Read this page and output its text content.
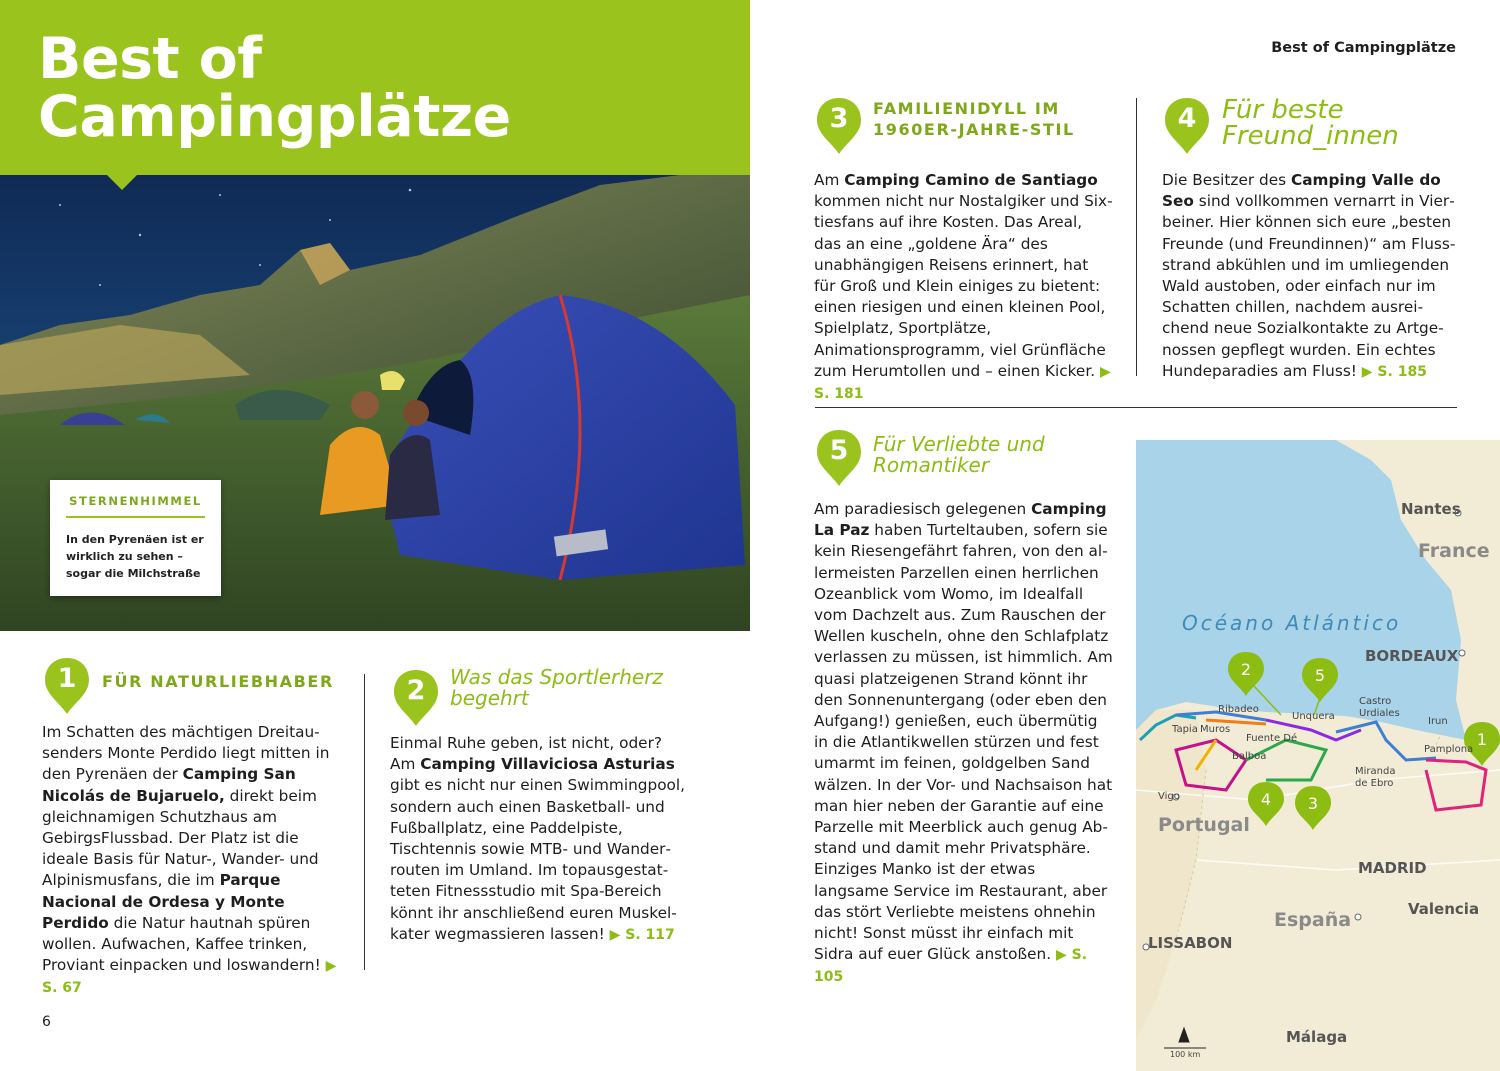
Best of
Campingplätze
STERNENHIMMEL
In den Pyrenäen ist er wirklich zu sehen – sogar die Milchstraße
1	FÜR NATURLIEBHABER
Im Schatten des mächtigen Dreitausenders Monte Perdido liegt mitten in den Pyrenäen der Camping San Nicolás de Bujaruelo, direkt beim gleichnamigen Schutzhaus am GebirgsFlussbad. Der Platz ist die ideale Basis für Natur-, Wander- und Alpinismusfans, die im Parque Nacional de Ordesa y Monte Perdido die Natur hautnah spüren wollen. Aufwachen, Kaffee trinken, Proviant einpacken und loswandern! ▶ S. 67
2	Was das Sportlerherz
begehrt
Einmal Ruhe geben, ist nicht, oder? Am Camping Villaviciosa Asturias gibt es nicht nur einen Swimmingpool, sondern auch einen Basketball- und Fußballplatz, eine Paddelpiste, Tischtennis sowie MTB- und Wanderrouten im Umland. Im topausgestatteten Fitnessstudio mit Spa-Bereich könnt ihr anschließend euren Muskelkater wegmassieren lassen! ▶ S. 117
6
Best of Campingplätze
3	FAMILIENIDYLL IM
1960ER-JAHRE-STIL
Am Camping Camino de Santiago kommen nicht nur Nostalgiker und Sixtiesfans auf ihre Kosten. Das Areal, das an eine „goldene Ära“ des unabhängigen Reisens erinnert, hat für Groß und Klein einiges zu bietent: einen riesigen und einen kleinen Pool, Spielplatz, Sportplätze, Animationsprogramm, viel Grünfläche zum Herumtollen und – einen Kicker. ▶ S. 181
4 Für beste
Freund_innen
Die Besitzer des Camping Valle do Seo sind vollkommen vernarrt in Vierbeiner. Hier können sich eure „besten Freunde (und Freundinnen)“ am Flussstrand abkühlen und im umliegenden Wald austoben, oder einfach nur im Schatten chillen, nachdem ausreichend neue Sozialkontakte zu Artgenossen gepflegt wurden. Ein echtes Hundeparadies am Fluss! ▶ S. 185
5	Für Verliebte und
Romantiker
Am paradiesisch gelegenen Camping La Paz haben Turteltauben, sofern sie kein Riesengefährt fahren, von den allermeisten Parzellen einen herrlichen Ozeanblick vom Womo, im Idealfall vom Dachzelt aus. Zum Rauschen der Wellen kuscheln, ohne den Schlafplatz verlassen zu müssen, ist himmlich. Am quasi platzeigenen Strand könnt ihr den Sonnenuntergang (oder eben den Aufgang!) genießen, euch übermütig in die Atlantikwellen stürzen und fest umarmt im feinen, goldgelben Sand wälzen. In der Vor- und Nachsaison hat man hier neben der Garantie auf eine Parzelle mit Meerblick auch genug Abstand und damit mehr Privatsphäre. Einziges Manko ist der etwas langsame Service im Restaurant, aber das stört Verliebte meistens ohnehin nicht! Sonst müsst ihr einfach mit Sidra auf euer Glück anstoßen. ▶ S. 105
Océano Atlántico
France
Portugal
España
Nantes
BORDEAUX
MADRID
Valencia
LISSABON
Málaga
Ribadeo
Unquera
Castro Urdiales
Irun
Pamplona
Fuente Dé
Balboa
Miranda de Ebro
Vigo
Tapia Muros
100 km
2	5
1
4	3
